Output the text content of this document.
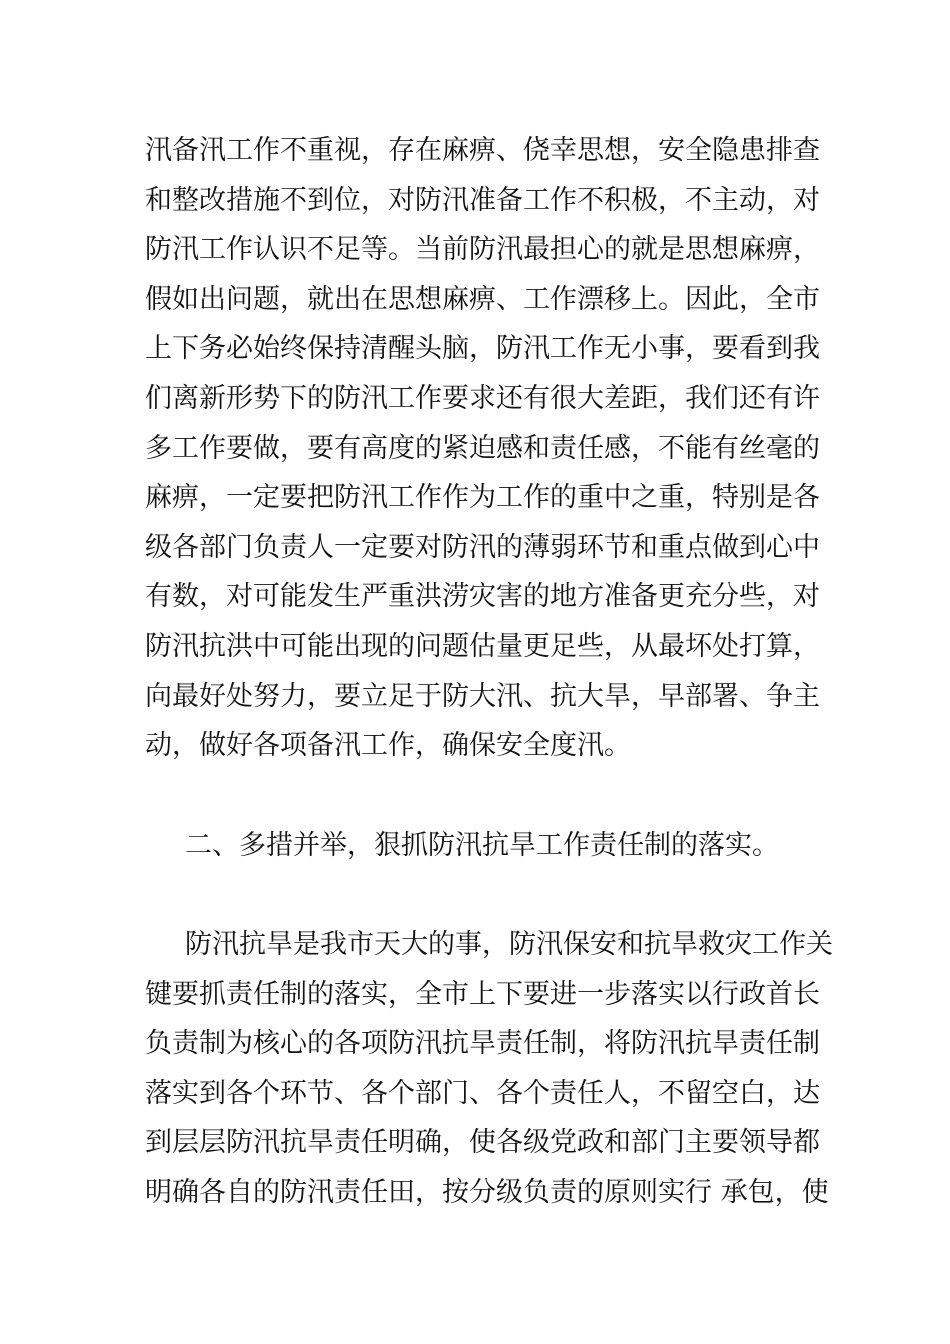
汛备汛工作不重视，存在麻痹、侥幸思想，安全隐患排查
和整改措施不到位，对防汛准备工作不积极，不主动，对
防汛工作认识不足等。当前防汛最担心的就是思想麻痹，
假如出问题，就出在思想麻痹、工作漂移上。因此，全市
上下务必始终保持清醒头脑，防汛工作无小事，要看到我
们离新形势下的防汛工作要求还有很大差距，我们还有许
多工作要做，要有高度的紧迫感和责任感，不能有丝毫的
麻痹，一定要把防汛工作作为工作的重中之重，特别是各
级各部门负责人一定要对防汛的薄弱环节和重点做到心中
有数，对可能发生严重洪涝灾害的地方准备更充分些，对
防汛抗洪中可能出现的问题估量更足些，从最坏处打算，
向最好处努力，要立足于防大汛、抗大旱，早部署、争主
动，做好各项备汛工作，确保安全度汛。
二、多措并举，狠抓防汛抗旱工作责任制的落实。
防汛抗旱是我市天大的事，防汛保安和抗旱救灾工作关
键要抓责任制的落实，全市上下要进一步落实以行政首长
负责制为核心的各项防汛抗旱责任制，将防汛抗旱责任制
落实到各个环节、各个部门、各个责任人，不留空白，达
到层层防汛抗旱责任明确，使各级党政和部门主要领导都
明确各自的防汛责任田，按分级负责的原则实行 承包，使
